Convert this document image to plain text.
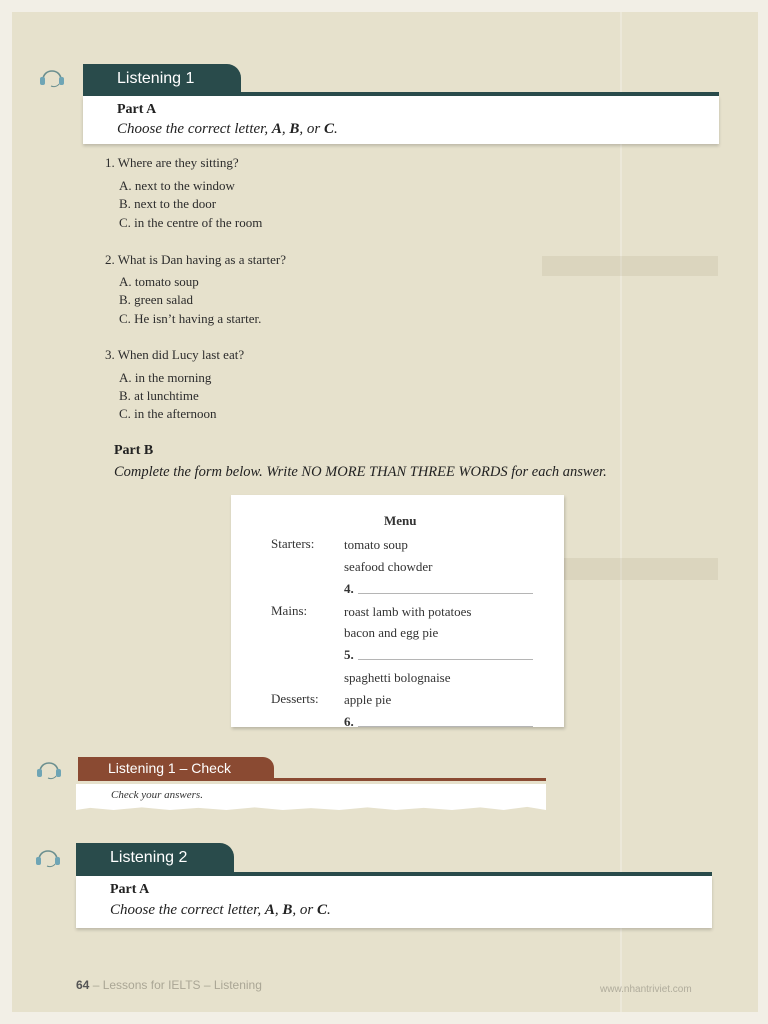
Listening 1
Part A
Choose the correct letter, A, B, or C.
1. Where are they sitting?
A. next to the window
B. next to the door
C. in the centre of the room
2. What is Dan having as a starter?
A. tomato soup
B. green salad
C. He isn’t having a starter.
3. When did Lucy last eat?
A. in the morning
B. at lunchtime
C. in the afternoon
Part B
Complete the form below. Write NO MORE THAN THREE WORDS for each answer.
Menu
Starters: tomato soup
seafood chowder
4.
Mains:	roast lamb with potatoes
bacon and egg pie
5.
spaghetti bolognaise
Desserts: apple pie
6.
Listening 1 – Check
Check your answers.
Listening 2
Part A
Choose the correct letter, A, B, or C.
64 – Lessons for IELTS – Listening	www.nhantriviet.com
